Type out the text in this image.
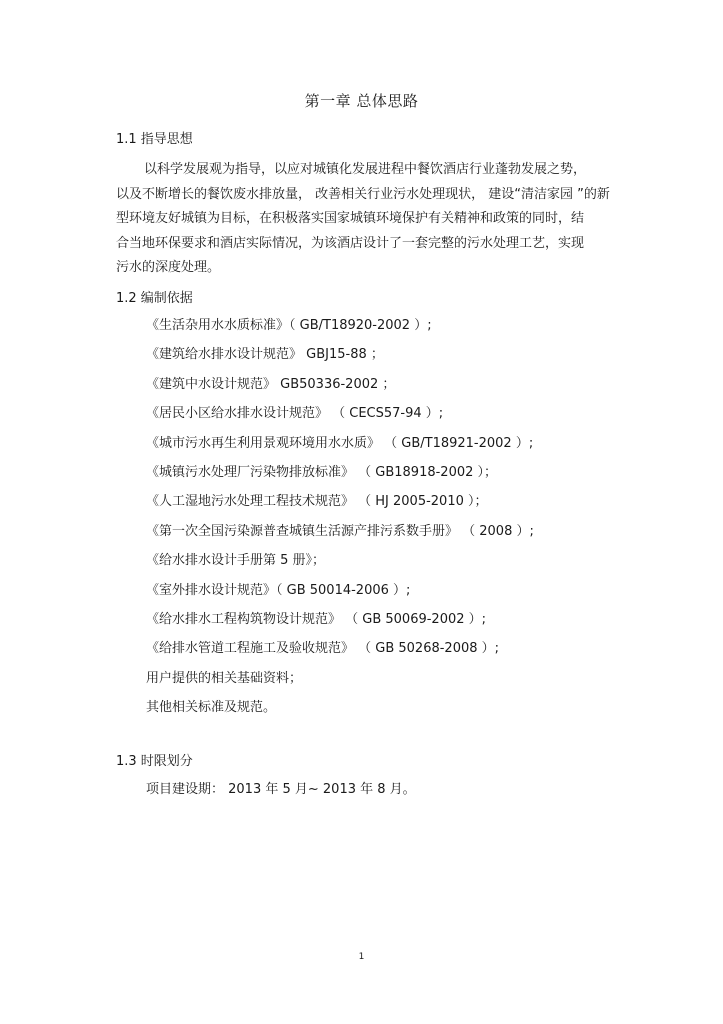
第一章 总体思路
1.1 指导思想
以科学发展观为指导，以应对城镇化发展进程中餐饮酒店行业蓬勃发展之势，
以及不断增长的餐饮废水排放量， 改善相关行业污水处理现状， 建设“清洁家园 ”的新
型环境友好城镇为目标，在积极落实国家城镇环境保护有关精神和政策的同时，结
合当地环保要求和酒店实际情况，为该酒店设计了一套完整的污水处理工艺，实现
污水的深度处理。
1.2 编制依据
《生活杂用水水质标准》（ GB/T18920-2002 ）;
《建筑给水排水设计规范》 GBJ15-88 ；
《建筑中水设计规范》 GB50336-2002 ；
《居民小区给水排水设计规范》 （ CECS57-94 ）;
《城市污水再生利用景观环境用水水质》 （ GB/T18921-2002 ）;
《城镇污水处理厂污染物排放标准》 （ GB18918-2002 ）；
《人工湿地污水处理工程技术规范》 （ HJ 2005-2010 ）；
《第一次全国污染源普查城镇生活源产排污系数手册》 （ 2008 ）;
《给水排水设计手册第 5 册》；
《室外排水设计规范》（ GB 50014-2006 ）;
《给水排水工程构筑物设计规范》 （ GB 50069-2002 ）;
《给排水管道工程施工及验收规范》 （ GB 50268-2008 ）;
用户提供的相关基础资料；
其他相关标准及规范。
1.3 时限划分
项目建设期： 2013 年 5 月~ 2013 年 8 月。
1
